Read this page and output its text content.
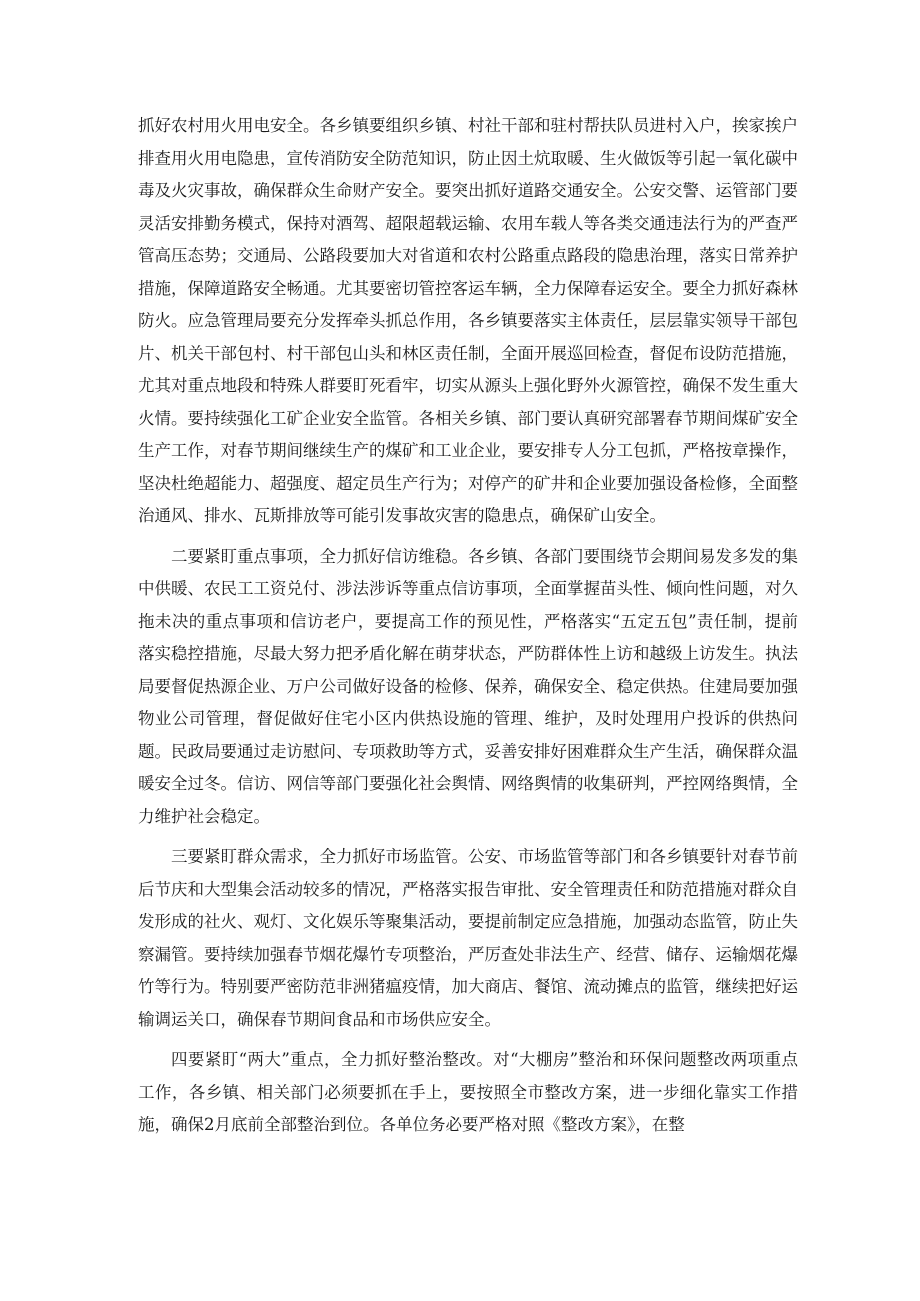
抓好农村用火用电安全。各乡镇要组织乡镇、村社干部和驻村帮扶队员进村入户，挨家挨户排查用火用电隐患，宣传消防安全防范知识，防止因土炕取暖、生火做饭等引起一氧化碳中毒及火灾事故，确保群众生命财产安全。要突出抓好道路交通安全。公安交警、运管部门要灵活安排勤务模式，保持对酒驾、超限超载运输、农用车载人等各类交通违法行为的严查严管高压态势；交通局、公路段要加大对省道和农村公路重点路段的隐患治理，落实日常养护措施，保障道路安全畅通。尤其要密切管控客运车辆，全力保障春运安全。要全力抓好森林防火。应急管理局要充分发挥牵头抓总作用，各乡镇要落实主体责任，层层靠实领导干部包片、机关干部包村、村干部包山头和林区责任制，全面开展巡回检查，督促布设防范措施，尤其对重点地段和特殊人群要盯死看牢，切实从源头上强化野外火源管控，确保不发生重大火情。要持续强化工矿企业安全监管。各相关乡镇、部门要认真研究部署春节期间煤矿安全生产工作，对春节期间继续生产的煤矿和工业企业，要安排专人分工包抓，严格按章操作，坚决杜绝超能力、超强度、超定员生产行为；对停产的矿井和企业要加强设备检修，全面整治通风、排水、瓦斯排放等可能引发事故灾害的隐患点，确保矿山安全。

二要紧盯重点事项，全力抓好信访维稳。各乡镇、各部门要围绕节会期间易发多发的集中供暖、农民工工资兑付、涉法涉诉等重点信访事项，全面掌握苗头性、倾向性问题，对久拖未决的重点事项和信访老户，要提高工作的预见性，严格落实“五定五包”责任制，提前落实稳控措施，尽最大努力把矛盾化解在萌芽状态，严防群体性上访和越级上访发生。执法局要督促热源企业、万户公司做好设备的检修、保养，确保安全、稳定供热。住建局要加强物业公司管理，督促做好住宅小区内供热设施的管理、维护，及时处理用户投诉的供热问题。民政局要通过走访慰问、专项救助等方式，妥善安排好困难群众生产生活，确保群众温暖安全过冬。信访、网信等部门要强化社会舆情、网络舆情的收集研判，严控网络舆情，全力维护社会稳定。

三要紧盯群众需求，全力抓好市场监管。公安、市场监管等部门和各乡镇要针对春节前后节庆和大型集会活动较多的情况，严格落实报告审批、安全管理责任和防范措施对群众自发形成的社火、观灯、文化娱乐等聚集活动，要提前制定应急措施，加强动态监管，防止失察漏管。要持续加强春节烟花爆竹专项整治，严厉查处非法生产、经营、储存、运输烟花爆竹等行为。特别要严密防范非洲猪瘟疫情，加大商店、餐馆、流动摊点的监管，继续把好运输调运关口，确保春节期间食品和市场供应安全。

四要紧盯“两大”重点，全力抓好整治整改。对“大棚房”整治和环保问题整改两项重点工作，各乡镇、相关部门必须要抓在手上，要按照全市整改方案，进一步细化靠实工作措施，确保2月底前全部整治到位。各单位务必要严格对照《整改方案》，在整
